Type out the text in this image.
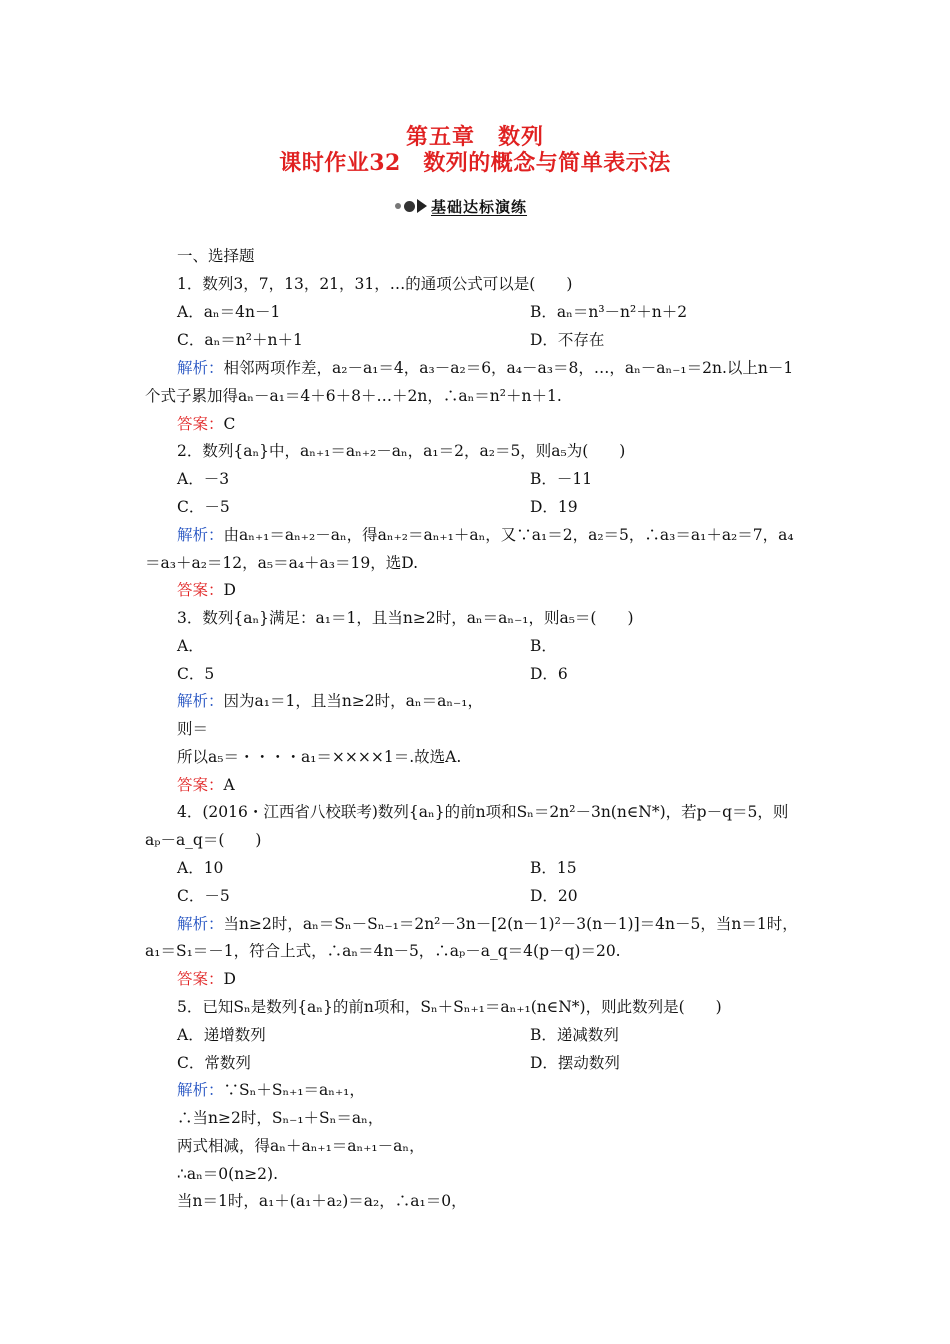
第五章　数列
课时作业32　数列的概念与简单表示法
基础达标演练
一、选择题
1．数列3，7，13，21，31，…的通项公式可以是(　　)
A．aₙ＝4n－1	B．aₙ＝n³－n²＋n＋2
C．aₙ＝n²＋n＋1	D．不存在
解析：相邻两项作差，a₂－a₁＝4，a₃－a₂＝6，a₄－a₃＝8，…，aₙ－aₙ₋₁＝2n.以上n－1
个式子累加得aₙ－a₁＝4＋6＋8＋…＋2n，∴aₙ＝n²＋n＋1.
答案：C
2．数列{aₙ}中，aₙ₊₁＝aₙ₊₂－aₙ，a₁＝2，a₂＝5，则a₅为(　　)
A．－3	B．－11
C．－5	D．19
解析：由aₙ₊₁＝aₙ₊₂－aₙ，得aₙ₊₂＝aₙ₊₁＋aₙ，又∵a₁＝2，a₂＝5，∴a₃＝a₁＋a₂＝7，a₄
＝a₃＋a₂＝12，a₅＝a₄＋a₃＝19，选D.
答案：D
3．数列{aₙ}满足：a₁＝1，且当n≥2时，aₙ＝aₙ₋₁，则a₅＝(　　)
A．	B．
C．5	D．6
解析：因为a₁＝1，且当n≥2时，aₙ＝aₙ₋₁，
则＝
所以a₅＝・・・・a₁＝××××1＝.故选A.
答案：A
4．(2016・江西省八校联考)数列{aₙ}的前n项和Sₙ＝2n²－3n(n∈N*)，若p－q＝5，则
aₚ－a_q＝(　　)
A．10	B．15
C．－5	D．20
解析：当n≥2时，aₙ＝Sₙ－Sₙ₋₁＝2n²－3n－[2(n－1)²－3(n－1)]＝4n－5，当n＝1时，
a₁＝S₁＝－1，符合上式，∴aₙ＝4n－5，∴aₚ－a_q＝4(p－q)＝20.
答案：D
5．已知Sₙ是数列{aₙ}的前n项和，Sₙ＋Sₙ₊₁＝aₙ₊₁(n∈N*)，则此数列是(　　)
A．递增数列	B．递减数列
C．常数列	D．摆动数列
解析：∵Sₙ＋Sₙ₊₁＝aₙ₊₁，
∴当n≥2时，Sₙ₋₁＋Sₙ＝aₙ，
两式相减，得aₙ＋aₙ₊₁＝aₙ₊₁－aₙ，
∴aₙ＝0(n≥2).
当n＝1时，a₁＋(a₁＋a₂)＝a₂，∴a₁＝0，
